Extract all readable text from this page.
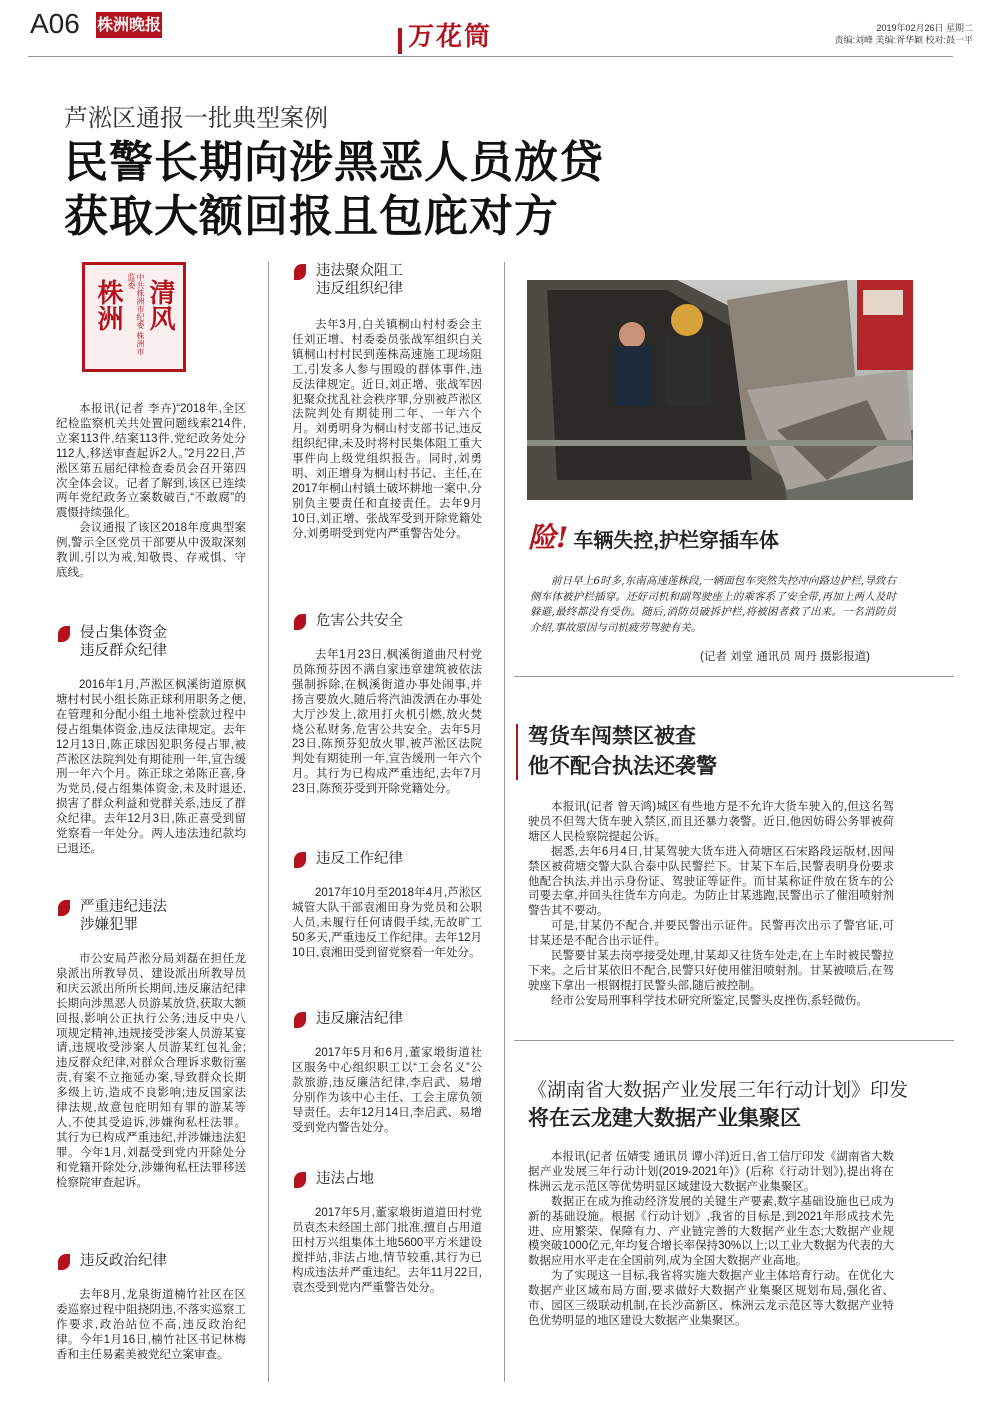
A06 株洲晚报	万花筒	2019年02月26日 星期二
责编:刘峰 美编:胥华颖 校对:鼓一平
芦淞区通报一批典型案例
民警长期向涉黑恶人员放贷
获取大额回报且包庇对方
清风
中共株洲市纪委 株洲市监委
株洲

本报讯(记者 李卉)“2018年,全区纪检监察机关共处置问题线索214件,立案113件,结案113件,党纪政务处分112人,移送审查起诉2人。”2月22日,芦淞区第五届纪律检查委员会召开第四次全体会议。记者了解到,该区已连续两年党纪政务立案数破百,“不敢腐”的震慑持续强化。

会议通报了该区2018年度典型案例,警示全区党员干部要从中汲取深刻教训,引以为戒,知敬畏、存戒惧、守底线。

侵占集体资金
违反群众纪律

2016年1月,芦淞区枫溪街道原枫塘村村民小组长陈正球利用职务之便,在管理和分配小组土地补偿款过程中侵占组集体资金,违反法律规定。去年12月13日,陈正球因犯职务侵占罪,被芦淞区法院判处有期徒刑一年,宣告缓刑一年六个月。陈正球之弟陈正喜,身为党员,侵占组集体资金,未及时退还,损害了群众利益和党群关系,违反了群众纪律。去年12月3日,陈正喜受到留党察看一年处分。两人违法违纪款均已退还。

严重违纪违法
涉嫌犯罪

市公安局芦淞分局刘磊在担任龙泉派出所教导员、建设派出所教导员和庆云派出所所长期间,违反廉洁纪律长期向涉黑恶人员游某放贷,获取大额回报,影响公正执行公务;违反中央八项规定精神,违规接受涉案人员游某宴请,违规收受涉案人员游某红包礼金;违反群众纪律,对群众合理诉求敷衍塞责,有案不立拖延办案,导致群众长期多级上访,造成不良影响;违反国家法律法规,故意包庇明知有罪的游某等人,不使其受追诉,涉嫌徇私枉法罪。其行为已构成严重违纪,并涉嫌违法犯罪。今年1月,刘磊受到党内开除处分和党籍开除处分,涉嫌徇私枉法罪移送检察院审查起诉。

违反政治纪律

去年8月,龙泉街道楠竹社区在区委巡察过程中阻挠阴违,不落实巡察工作要求,政治站位不高,违反政治纪律。今年1月16日,楠竹社区书记林梅香和主任易素美被党纪立案审查。

违法聚众阻工
违反组织纪律

去年3月,白关镇桐山村村委会主任刘正增、村委委员张战军组织白关镇桐山村村民到莲株高速施工现场阻工,引发多人参与围殴的群体事件,违反法律规定。近日,刘正增、张战军因犯聚众扰乱社会秩序罪,分别被芦淞区法院判处有期徒刑二年、一年六个月。刘勇明身为桐山村支部书记,违反组织纪律,未及时将村民集体阻工重大事件向上级党组织报告。同时,刘勇明、刘正增身为桐山村书记、主任,在2017年桐山村镇土破坏耕地一案中,分别负主要责任和直接责任。去年9月10日,刘正增、张战军受到开除党籍处分,刘勇明受到党内严重警告处分。

危害公共安全

去年1月23日,枫溪街道曲尺村党员陈预芬因不满自家违章建筑被依法强制拆除,在枫溪街道办事处闹事,并扬言要放火,随后将汽油泼洒在办事处大厅沙发上,欲用打火机引燃,放火焚烧公私财务,危害公共安全。去年5月23日,陈预芬犯放火罪,被芦淞区法院判处有期徒刑一年,宣告缓刑一年六个月。其行为已构成严重违纪,去年7月23日,陈预芬受到开除党籍处分。

违反工作纪律

2017年10月至2018年4月,芦淞区城管大队干部袁湘田身为党员和公职人员,未履行任何请假手续,无故旷工50多天,严重违反工作纪律。去年12月10日,袁湘田受到留党察看一年处分。

违反廉洁纪律

2017年5月和6月,董家塅街道社区服务中心组织职工以“工会名义”公款旅游,违反廉洁纪律,李启武、易增分别作为该中心主任、工会主席负领导责任。去年12月14日,李启武、易增受到党内警告处分。

违法占地

2017年5月,董家塅街道道田村党员袁杰未经国土部门批准,擅自占用道田村万兴组集体土地5600平方米建设搅拌站,非法占地,情节较重,其行为已构成违法并严重违纪。去年11月22日,袁杰受到党内严重警告处分。

险! 车辆失控,护栏穿插车体

前日早上6时多,东南高速莲株段,一辆面包车突然失控冲向路边护栏,导致右侧车体被护栏插穿。还好司机和副驾驶座上的乘客系了安全带,再加上两人及时躲避,最终都没有受伤。随后,消防员破拆护栏,将被困者救了出来。一名消防员介绍,事故原因与司机疲劳驾驶有关。

(记者 刘堂 通讯员 周丹 摄影报道)
驾货车闯禁区被查
他不配合执法还袭警

本报讯(记者 曾天鸿)城区有些地方是不允许大货车驶入的,但这名驾驶员不但驾大货车驶入禁区,而且还暴力袭警。近日,他因妨碍公务罪被荷塘区人民检察院提起公诉。

据悉,去年6月4日,甘某驾驶大货车进入荷塘区石宋路段运版材,因闯禁区被荷塘交警大队合泰中队民警拦下。甘某下车后,民警表明身份要求他配合执法,并出示身份证、驾驶证等证件。而甘某称证件放在货车的公司要去拿,并回头往货车方向走。为防止甘某逃跑,民警出示了催泪喷射剂警告其不要动。

可是,甘某仍不配合,并要民警出示证件。民警再次出示了警官证,可甘某还是不配合出示证件。

民警要甘某去岗亭接受处理,甘某却又往货车处走,在上车时被民警拉下来。之后甘某依旧不配合,民警只好使用催泪喷射剂。甘某被喷后,在驾驶座下拿出一根钢棍打民警头部,随后被控制。

经市公安局刑事科学技术研究所鉴定,民警头皮挫伤,系轻微伤。

《湖南省大数据产业发展三年行动计划》印发
将在云龙建大数据产业集聚区

本报讯(记者 伍婧雯 通讯员 谭小洋)近日,省工信厅印发《湖南省大数据产业发展三年行动计划(2019-2021年)》(后称《行动计划》),提出将在株洲云龙示范区等优势明显区域建设大数据产业集聚区。

数据正在成为推动经济发展的关键生产要素,数字基础设施也已成为新的基础设施。根据《行动计划》,我省的目标是,到2021年形成技术先进、应用繁荣、保障有力、产业链完善的大数据产业生态;大数据产业规模突破1000亿元,年均复合增长率保持30%以上;以工业大数据为代表的大数据应用水平走在全国前列,成为全国大数据产业高地。

为了实现这一目标,我省将实施大数据产业主体培育行动。在优化大数据产业区域布局方面,要求做好大数据产业集聚区规划布局,强化省、市、园区三级联动机制,在长沙高新区、株洲云龙示范区等大数据产业特色优势明显的地区建设大数据产业集聚区。
